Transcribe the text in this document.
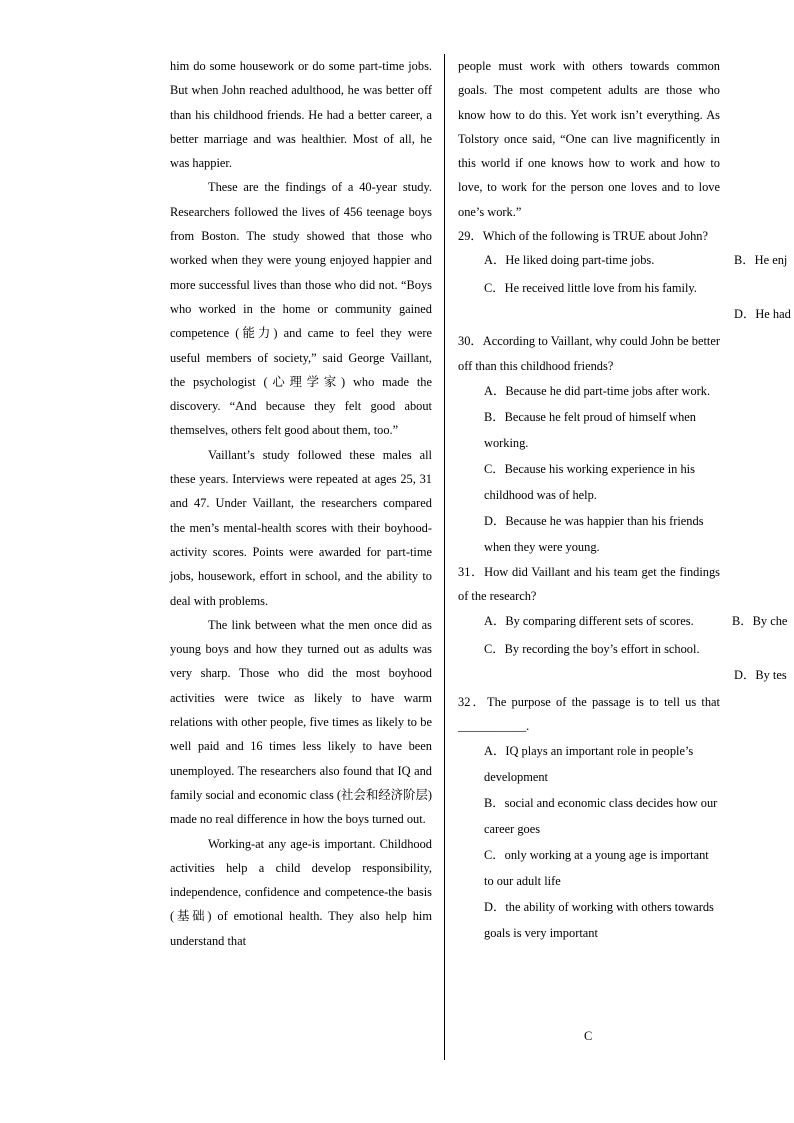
him do some housework or do some part-time jobs. But when John reached adulthood, he was better off than his childhood friends. He had a better career, a better marriage and was healthier. Most of all, he was happier.

These are the findings of a 40-year study. Researchers followed the lives of 456 teenage boys from Boston. The study showed that those who worked when they were young enjoyed happier and more successful lives than those who did not. “Boys who worked in the home or community gained competence (能力) and came to feel they were useful members of society,” said George Vaillant, the psychologist (心理学家) who made the discovery. “And because they felt good about themselves, others felt good about them, too.”

Vaillant’s study followed these males all these years. Interviews were repeated at ages 25, 31 and 47. Under Vaillant, the researchers compared the men’s mental-health scores with their boyhood-activity scores. Points were awarded for part-time jobs, housework, effort in school, and the ability to deal with problems.

The link between what the men once did as young boys and how they turned out as adults was very sharp. Those who did the most boyhood activities were twice as likely to have warm relations with other people, five times as likely to be well paid and 16 times less likely to have been unemployed. The researchers also found that IQ and family social and economic class (社会和经济阶层) made no real difference in how the boys turned out.

Working-at any age-is important. Childhood activities help a child develop responsibility, independence, confidence and competence-the basis (基础) of emotional health. They also help him understand that

people must work with others towards common goals. The most competent adults are those who know how to do this. Yet work isn’t everything. As Tolstory once said, “One can live magnificently in this world if one knows how to work and how to love, to work for the person one loves and to love one’s work.”

29．Which of the following is TRUE about John?

A．He liked doing part-time jobs.	B．He enj
C．He received little love from his family.
D．He had

30．According to Vaillant, why could John be better off than this childhood friends?

A．Because he did part-time jobs after work.
B．Because he felt proud of himself when working.
C．Because his working experience in his childhood was of help.
D．Because he was happier than his friends when they were young.

31．How did Vaillant and his team get the findings of the research?

A．By comparing different sets of scores.	B．By che
C．By recording the boy’s effort in school.
D．By tes

32．The purpose of the passage is to tell us that ___________.

A．IQ plays an important role in people’s development
B．social and economic class decides how our career goes
C．only working at a young age is important to our adult life
D．the ability of working with others towards goals is very important
C
